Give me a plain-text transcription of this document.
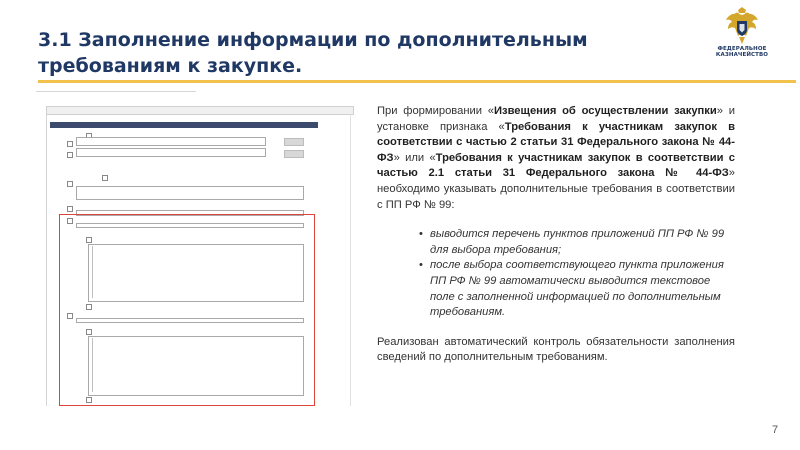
3.1 Заполнение информации по дополнительным требованиям к закупке.
ФЕДЕРАЛЬНОЕ КАЗНАЧЕЙСТВО

При формировании «Извещения об осуществлении закупки» и установке признака «Требования к участникам закупок в соответствии с частью 2 статьи 31 Федерального закона № 44-ФЗ» или «Требования к участникам закупок в соответствии с частью 2.1 статьи 31 Федерального закона № 44-ФЗ» необходимо указывать дополнительные требования в соответствии с ПП РФ № 99:

• выводится перечень пунктов приложений ПП РФ № 99 для выбора требования;
• после выбора соответствующего пункта приложения ПП РФ № 99 автоматически выводится текстовое поле с заполненной информацией по дополнительным требованиям.

Реализован автоматический контроль обязательности заполнения сведений по дополнительным требованиям.

7
